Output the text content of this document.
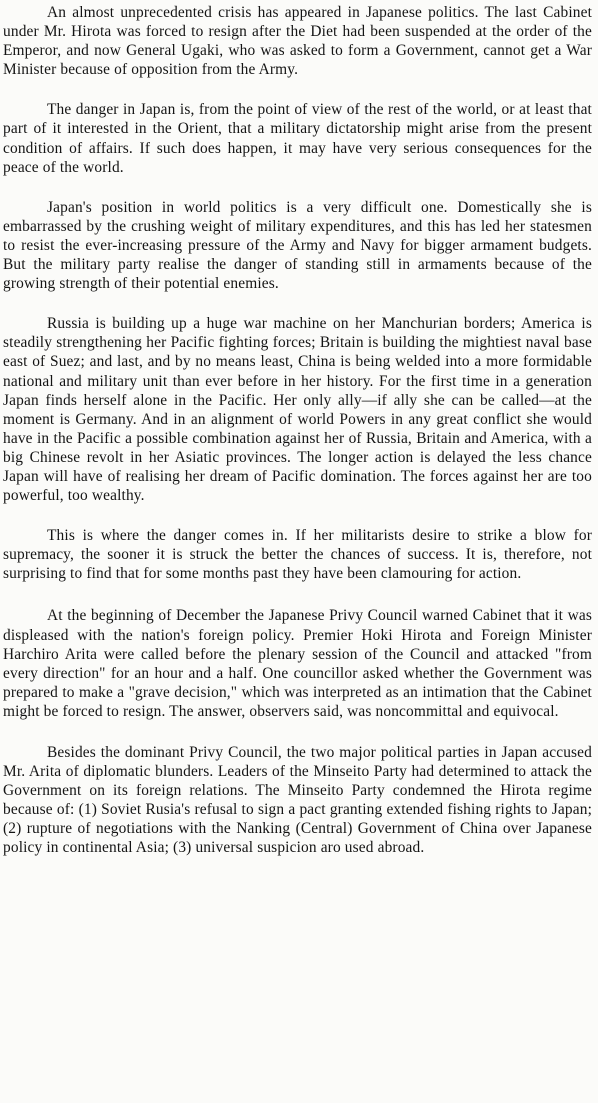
An almost unprecedented crisis has appeared in Japanese politics. The last Cabinet under Mr. Hirota was forced to resign after the Diet had been suspended at the order of the Emperor, and now General Ugaki, who was asked to form a Government, cannot get a War Minister because of opposition from the Army.

The danger in Japan is, from the point of view of the rest of the world, or at least that part of it interested in the Orient, that a military dictatorship might arise from the present condition of affairs. If such does happen, it may have very serious consequences for the peace of the world.

Japan's position in world politics is a very difficult one. Domestically she is embarrassed by the crushing weight of military expenditures, and this has led her statesmen to resist the ever-increasing pressure of the Army and Navy for bigger armament budgets. But the military party realise the danger of standing still in armaments because of the growing strength of their potential enemies.

Russia is building up a huge war machine on her Manchurian borders; America is steadily strengthening her Pacific fighting forces; Britain is building the mightiest naval base east of Suez; and last, and by no means least, China is being welded into a more formidable national and military unit than ever before in her history. For the first time in a generation Japan finds herself alone in the Pacific. Her only ally—if ally she can be called—at the moment is Germany. And in an alignment of world Powers in any great conflict she would have in the Pacific a possible combination against her of Russia, Britain and America, with a big Chinese revolt in her Asiatic provinces. The longer action is delayed the less chance Japan will have of realising her dream of Pacific domination. The forces against her are too powerful, too wealthy.

This is where the danger comes in. If her militarists desire to strike a blow for supremacy, the sooner it is struck the better the chances of success. It is, therefore, not surprising to find that for some months past they have been clamouring for action.

At the beginning of December the Japanese Privy Council warned Cabinet that it was displeased with the nation's foreign policy. Premier Hoki Hirota and Foreign Minister Harchiro Arita were called before the plenary session of the Council and attacked "from every direction" for an hour and a half. One councillor asked whether the Government was prepared to make a "grave decision," which was interpreted as an intimation that the Cabinet might be forced to resign. The answer, observers said, was noncommittal and equivocal.

Besides the dominant Privy Council, the two major political parties in Japan accused Mr. Arita of diplomatic blunders. Leaders of the Minseito Party had determined to attack the Government on its foreign relations. The Minseito Party condemned the Hirota regime because of: (1) Soviet Rusia's refusal to sign a pact granting extended fishing rights to Japan; (2) rupture of negotiations with the Nanking (Central) Government of China over Japanese policy in continental Asia; (3) universal suspicion aro used abroad.
